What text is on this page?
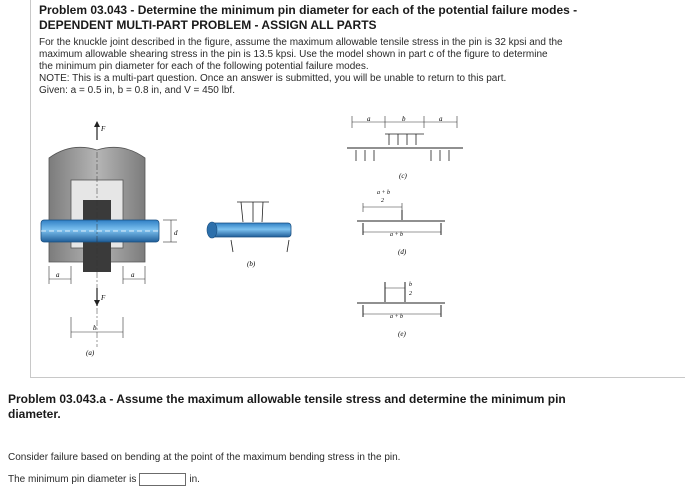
Problem 03.043 - Determine the minimum pin diameter for each of the potential failure modes -
DEPENDENT MULTI-PART PROBLEM - ASSIGN ALL PARTS

For the knuckle joint described in the figure, assume the maximum allowable tensile stress in the pin is 32 kpsi and the

maximum allowable shearing stress in the pin is 13.5 kpsi. Use the model shown in part c of the figure to determine

the minimum pin diameter for each of the following potential failure modes.

NOTE: This is a multi-part question. Once an answer is submitted, you will be unable to return to this part.

Given: a = 0.5 in, b = 0.8 in, and V = 450 lbf.

F
d
a	a
F
b
(a)
(b)
a	b	a
(c)
a + b
2
a + b
(d)
b
2
a + b
(e)

Problem 03.043.a - Assume the maximum allowable tensile stress and determine the minimum pin
diameter.

Consider failure based on bending at the point of the maximum bending stress in the pin.

The minimum pin diameter is	in.
